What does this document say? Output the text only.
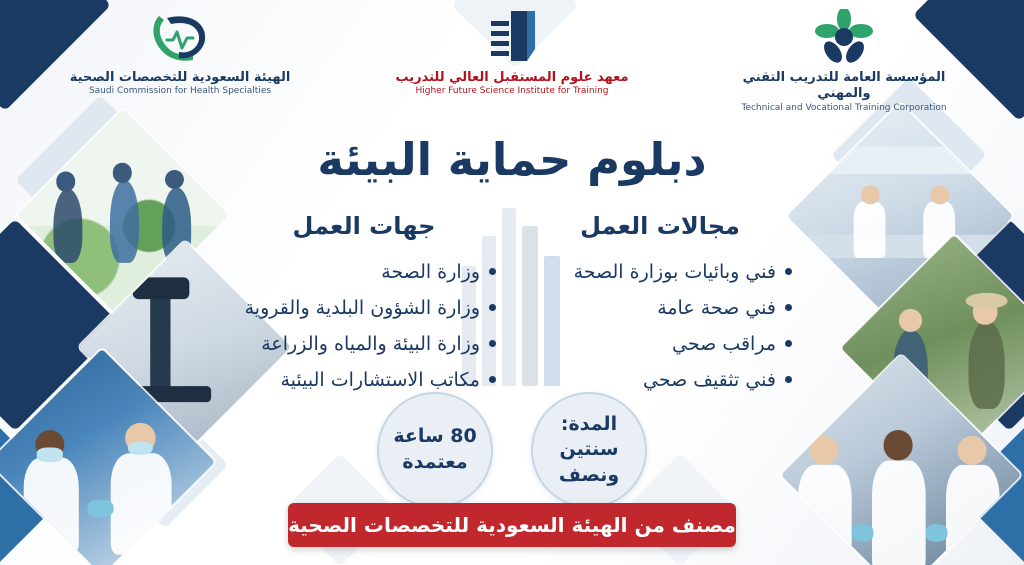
الهيئة السعودية للتخصصات الصحية
Saudi Commission for Health Specialties
معهد علوم المستقبل العالي للتدريب
Higher Future Science Institute for Training
المؤسسة العامة للتدريب التقني والمهني
Technical and Vocational Training Corporation
دبلوم حماية البيئة
مجالات العمل
فني وبائيات بوزارة الصحة
فني صحة عامة
مراقب صحي
فني تثقيف صحي
جهات العمل
وزارة الصحة
وزارة الشؤون البلدية والقروية
وزارة البيئة والمياه والزراعة
مكاتب الاستشارات البيئية
المدة:
سنتين ونصف
80 ساعة
معتمدة
مصنف من الهيئة السعودية للتخصصات الصحية
